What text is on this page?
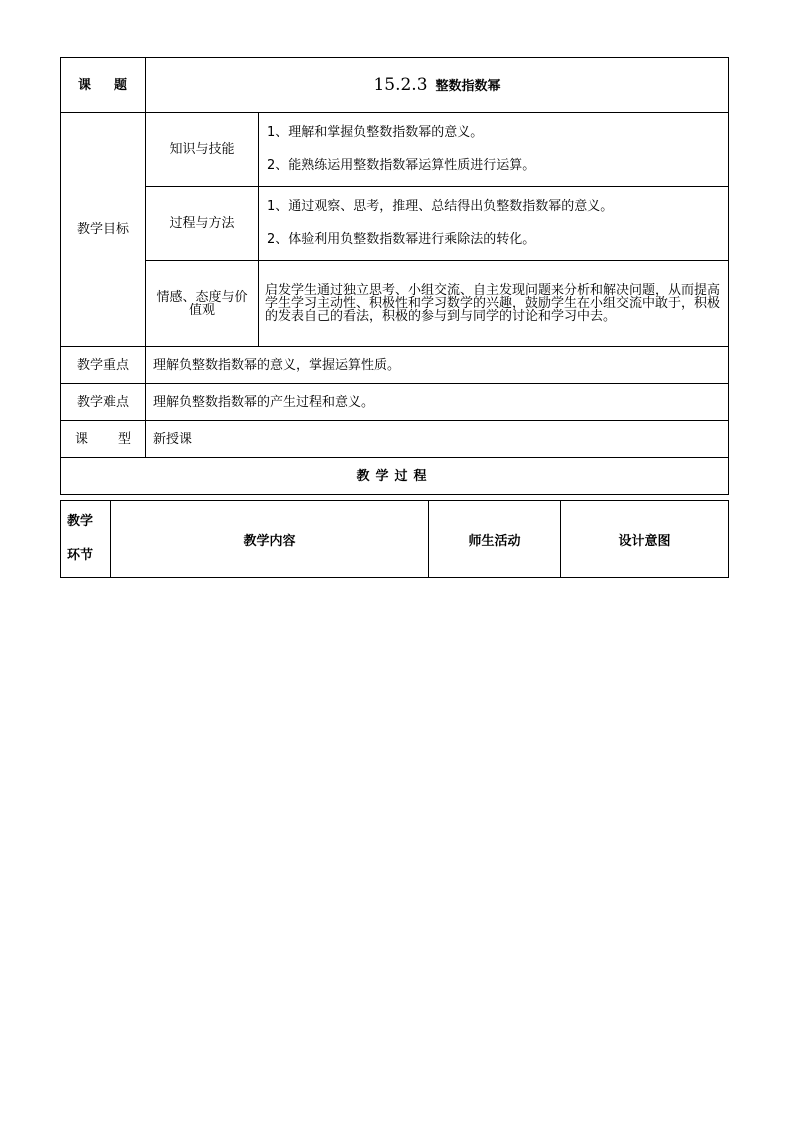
课 题	15.2.3 整数指数幂	
教学目标	知识与技能	1、理解和掌握负整数指数幂的意义。
2、能熟练运用整数指数幂运算性质进行运算。

	过程与方法	1、通过观察、思考，推理、总结得出负整数指数幂的意义。
2、体验利用负整数指数幂进行乘除法的转化。

	情感、态度与价
值观	启发学生通过独立思考、小组交流、自主发现问题来分析和解决问题，从而提高学生学习主动性、积极性和学习数学的兴趣，鼓励学生在小组交流中敢于，积极的发表自己的看法，积极的参与到与同学的讨论和学习中去。
教学重点	理解负整数指数幂的意义，掌握运算性质。	
教学难点	理解负整数指数幂的产生过程和意义。	
课 型	新授课	
教学过程		
教学
环节	教学内容	师生活动	设计意图
